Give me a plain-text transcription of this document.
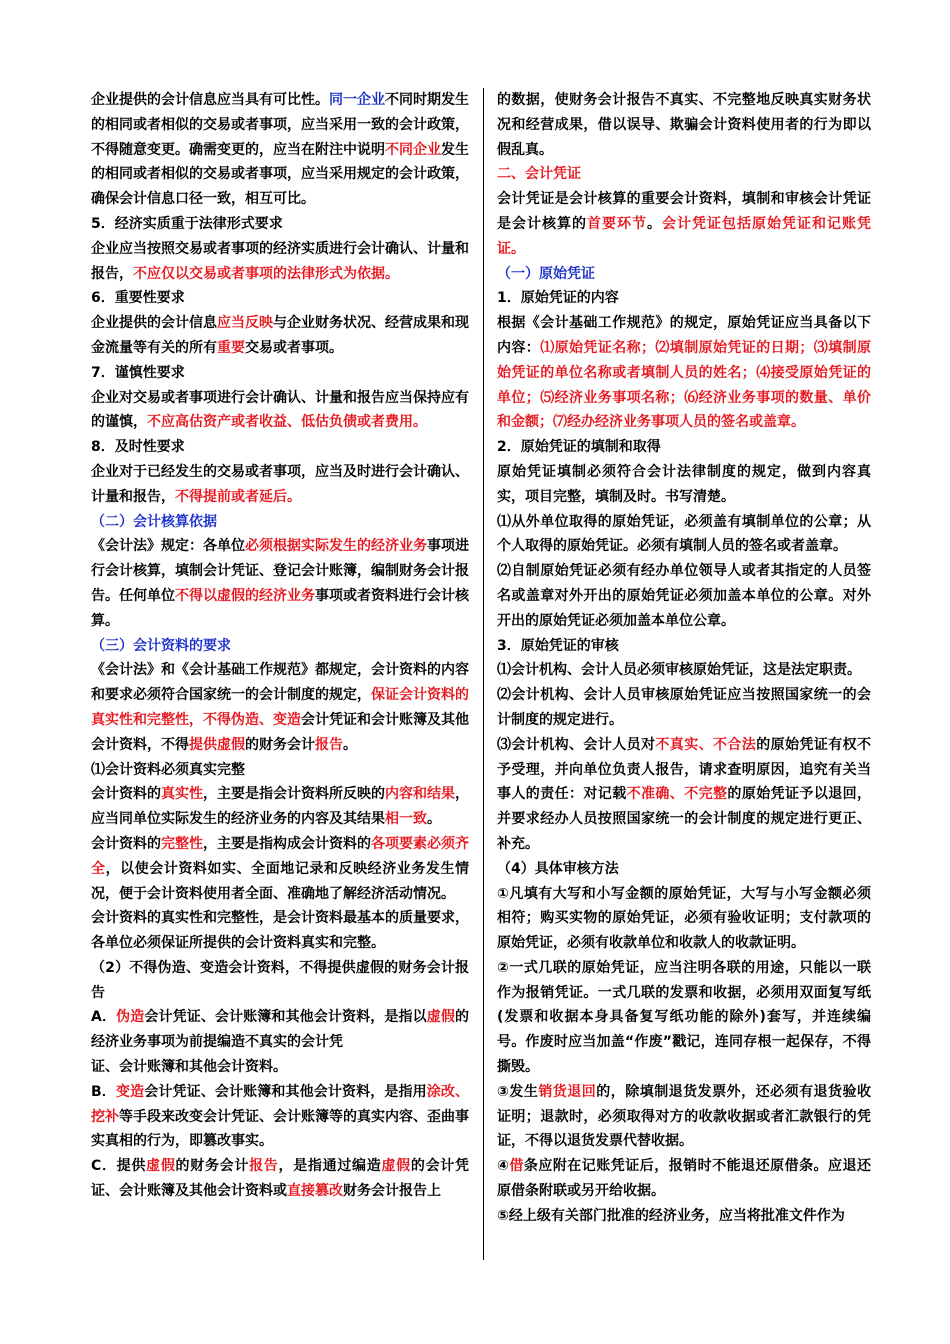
企业提供的会计信息应当具有可比性。同一企业不同时期发生的相同或者相似的交易或者事项，应当采用一致的会计政策，不得随意变更。确需变更的，应当在附注中说明不同企业发生的相同或者相似的交易或者事项，应当采用规定的会计政策，确保会计信息口径一致，相互可比。

5．经济实质重于法律形式要求

企业应当按照交易或者事项的经济实质进行会计确认、计量和报告，不应仅以交易或者事项的法律形式为依据。

6．重要性要求

企业提供的会计信息应当反映与企业财务状况、经营成果和现金流量等有关的所有重要交易或者事项。

7．谨慎性要求

企业对交易或者事项进行会计确认、计量和报告应当保持应有的谨慎，不应高估资产或者收益、低估负债或者费用。

8．及时性要求

企业对于已经发生的交易或者事项，应当及时进行会计确认、计量和报告，不得提前或者延后。

（二）会计核算依据

《会计法》规定：各单位必须根据实际发生的经济业务事项进行会计核算，填制会计凭证、登记会计账簿，编制财务会计报告。任何单位不得以虚假的经济业务事项或者资料进行会计核算。

（三）会计资料的要求

《会计法》和《会计基础工作规范》都规定，会计资料的内容和要求必须符合国家统一的会计制度的规定，保证会计资料的真实性和完整性，不得伪造、变造会计凭证和会计账簿及其他会计资料，不得提供虚假的财务会计报告。

⑴会计资料必须真实完整

会计资料的真实性，主要是指会计资料所反映的内容和结果，应当同单位实际发生的经济业务的内容及其结果相一致。

会计资料的完整性，主要是指构成会计资料的各项要素必须齐全，以使会计资料如实、全面地记录和反映经济业务发生情况，便于会计资料使用者全面、准确地了解经济活动情况。

会计资料的真实性和完整性，是会计资料最基本的质量要求，各单位必须保证所提供的会计资料真实和完整。

（2）不得伪造、变造会计资料，不得提供虚假的财务会计报告

A．伪造会计凭证、会计账簿和其他会计资料，是指以虚假的经济业务事项为前提编造不真实的会计凭

证、会计账簿和其他会计资料。

B．变造会计凭证、会计账簿和其他会计资料，是指用涂改、挖补等手段来改变会计凭证、会计账簿等的真实内容、歪曲事实真相的行为，即篡改事实。

C．提供虚假的财务会计报告，是指通过编造虚假的会计凭证、会计账簿及其他会计资料或直接篡改财务会计报告上

的数据，使财务会计报告不真实、不完整地反映真实财务状况和经营成果，借以误导、欺骗会计资料使用者的行为即以假乱真。

二、会计凭证

会计凭证是会计核算的重要会计资料，填制和审核会计凭证是会计核算的首要环节。会计凭证包括原始凭证和记账凭证。

（一）原始凭证

1．原始凭证的内容

根据《会计基础工作规范》的规定，原始凭证应当具备以下内容：⑴原始凭证名称；⑵填制原始凭证的日期；⑶填制原始凭证的单位名称或者填制人员的姓名；⑷接受原始凭证的单位；⑸经济业务事项名称；⑹经济业务事项的数量、单价和金额；⑺经办经济业务事项人员的签名或盖章。

2．原始凭证的填制和取得

原始凭证填制必须符合会计法律制度的规定，做到内容真实，项目完整，填制及时。书写清楚。

⑴从外单位取得的原始凭证，必须盖有填制单位的公章；从个人取得的原始凭证。必须有填制人员的签名或者盖章。

⑵自制原始凭证必须有经办单位领导人或者其指定的人员签名或盖章对外开出的原始凭证必须加盖本单位的公章。对外开出的原始凭证必须加盖本单位公章。

3．原始凭证的审核

⑴会计机构、会计人员必须审核原始凭证，这是法定职责。

⑵会计机构、会计人员审核原始凭证应当按照国家统一的会计制度的规定进行。

⑶会计机构、会计人员对不真实、不合法的原始凭证有权不予受理，并向单位负责人报告，请求查明原因，追究有关当事人的责任：对记载不准确、不完整的原始凭证予以退回，并要求经办人员按照国家统一的会计制度的规定进行更正、补充。

（4）具体审核方法

①凡填有大写和小写金额的原始凭证，大写与小写金额必须相符；购买实物的原始凭证，必须有验收证明；支付款项的原始凭证，必须有收款单位和收款人的收款证明。

②一式几联的原始凭证，应当注明各联的用途，只能以一联作为报销凭证。一式几联的发票和收据，必须用双面复写纸(发票和收据本身具备复写纸功能的除外)套写，并连续编号。作废时应当加盖“作废”戳记，连同存根一起保存，不得撕毁。

③发生销货退回的，除填制退货发票外，还必须有退货验收证明；退款时，必须取得对方的收款收据或者汇款银行的凭证，不得以退货发票代替收据。

④借条应附在记账凭证后，报销时不能退还原借条。应退还原借条附联或另开给收据。

⑤经上级有关部门批准的经济业务，应当将批准文件作为
